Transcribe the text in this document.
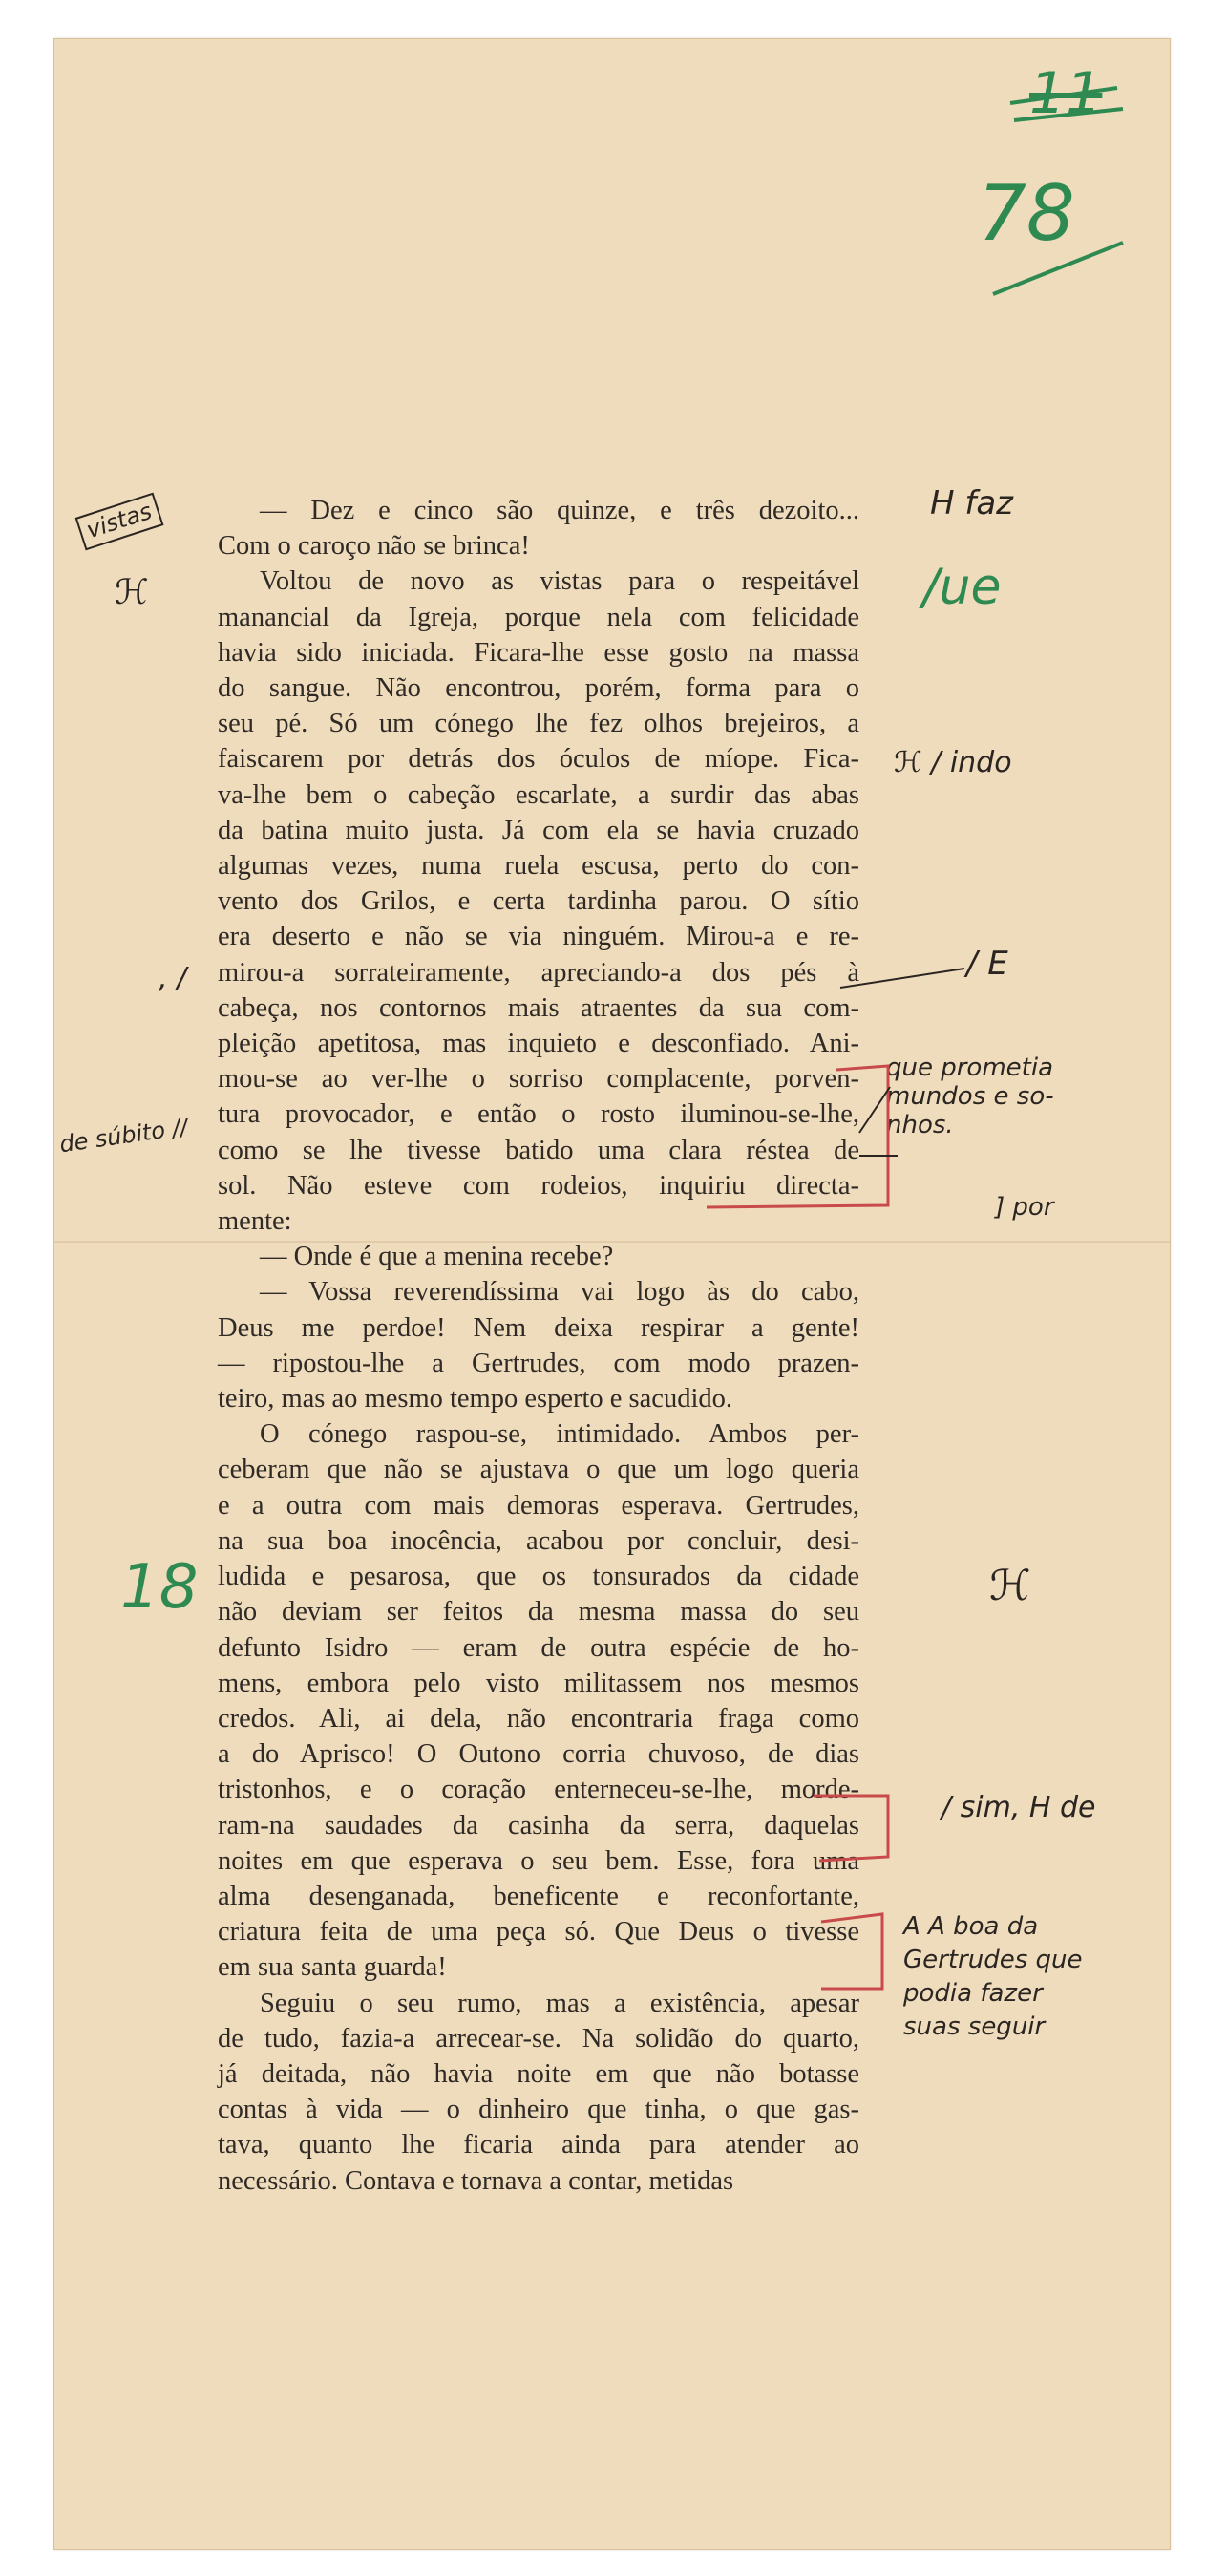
11
78
— Dez e cinco são quinze, e três dezoito...
Com o caroço não se brinca!
Voltou de novo as vistas para o respeitável
manancial da Igreja, porque nela com felicidade
havia sido iniciada. Ficara-lhe esse gosto na massa
do sangue. Não encontrou, porém, forma para o
seu pé. Só um cónego lhe fez olhos brejeiros, a
faiscarem por detrás dos óculos de míope. Fica-
va-lhe bem o cabeção escarlate, a surdir das abas
da batina muito justa. Já com ela se havia cruzado
algumas vezes, numa ruela escusa, perto do con-
vento dos Grilos, e certa tardinha parou. O sítio
era deserto e não se via ninguém. Mirou-a e re-
mirou-a sorrateiramente, apreciando-a dos pés à
cabeça, nos contornos mais atraentes da sua com-
pleição apetitosa, mas inquieto e desconfiado. Ani-
mou-se ao ver-lhe o sorriso complacente, porven-
tura provocador, e então o rosto iluminou-se-lhe,
como se lhe tivesse batido uma clara réstea de
sol. Não esteve com rodeios, inquiriu directa-
mente:
— Onde é que a menina recebe?
— Vossa reverendíssima vai logo às do cabo,
Deus me perdoe! Nem deixa respirar a gente!
— ripostou-lhe a Gertrudes, com modo prazen-
teiro, mas ao mesmo tempo esperto e sacudido.
O cónego raspou-se, intimidado. Ambos per-
ceberam que não se ajustava o que um logo queria
e a outra com mais demoras esperava. Gertrudes,
na sua boa inocência, acabou por concluir, desi-
ludida e pesarosa, que os tonsurados da cidade
não deviam ser feitos da mesma massa do seu
defunto Isidro — eram de outra espécie de ho-
mens, embora pelo visto militassem nos mesmos
credos. Ali, ai dela, não encontraria fraga como
a do Aprisco! O Outono corria chuvoso, de dias
tristonhos, e o coração enterneceu-se-lhe, morde-
ram-na saudades da casinha da serra, daquelas
noites em que esperava o seu bem. Esse, fora uma
alma desenganada, beneficente e reconfortante,
criatura feita de uma peça só. Que Deus o tivesse
em sua santa guarda!
Seguiu o seu rumo, mas a existência, apesar
de tudo, fazia-a arrecear-se. Na solidão do quarto,
já deitada, não havia noite em que não botasse
contas à vida — o dinheiro que tinha, o que gas-
tava, quanto lhe ficaria ainda para atender ao
necessário. Contava e tornava a contar, metidas
vistas
ℋ
, /
de súbito //
18
H faz
/ue
ℋ / indo
/ E
que prometia
mundos e so-
nhos.
] por
ℋ
/ sim, H de
A A boa da
Gertrudes que
podia fazer
suas seguir
